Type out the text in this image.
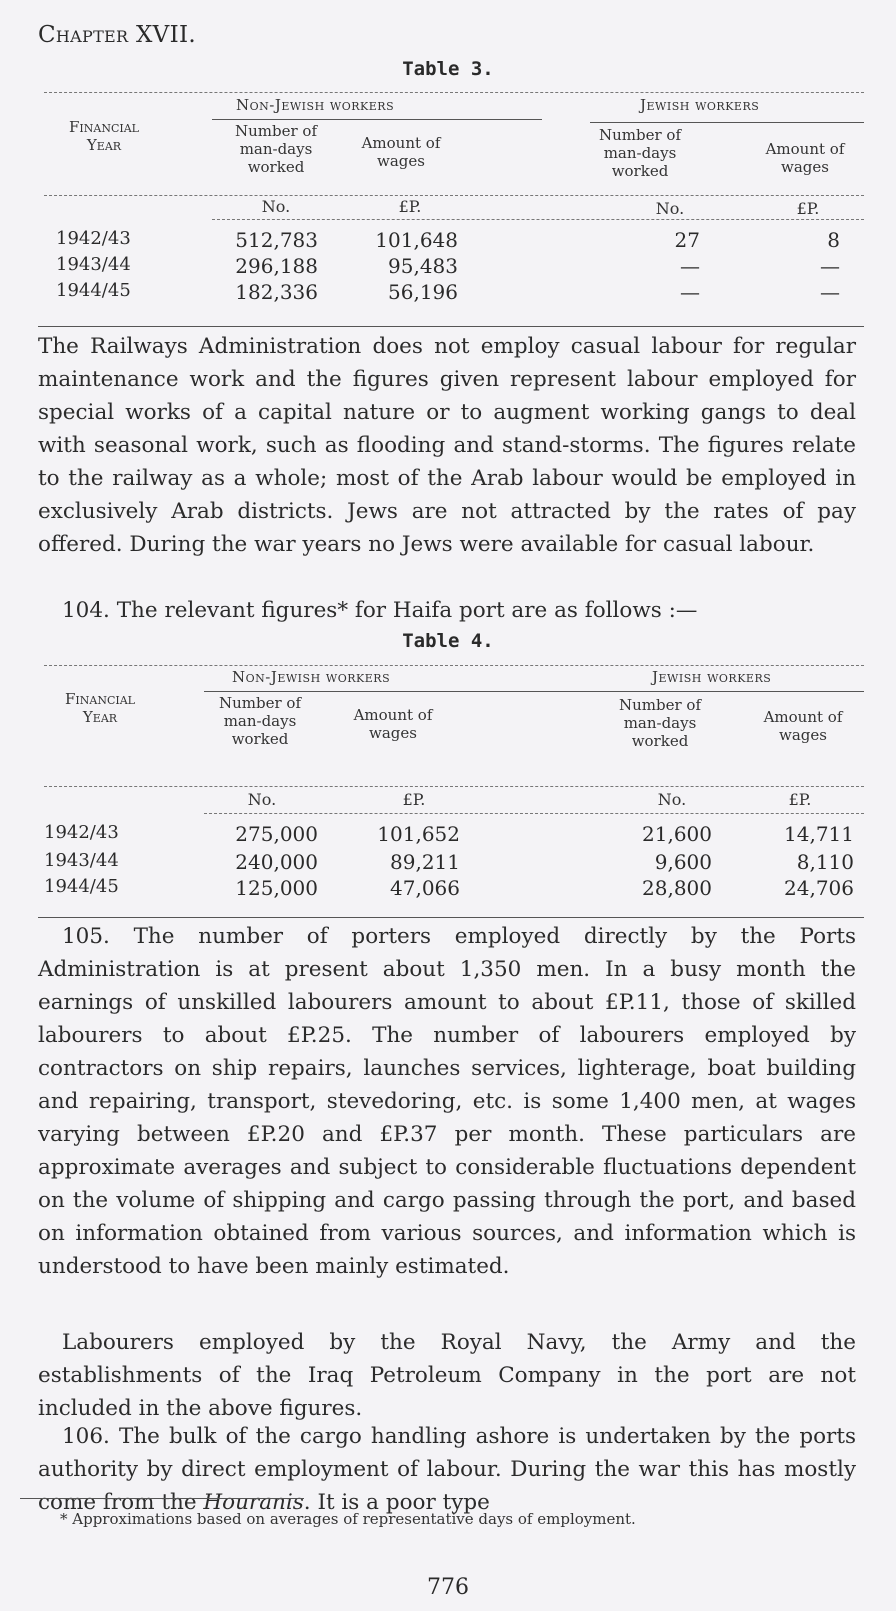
Chapter XVII.
Table 3.
Non-Jewish workers	Jewish workers
Financial
Year
Number of
man-days
worked
Amount of
wages
Number of
man-days
worked
Amount of
wages
No.	£P.	No.	£P.
1942/43	512,783	101,648	27	8
1943/44	296,188	95,483	—	—
1944/45	182,336	56,196	—	—
The Railways Administration does not employ casual labour for regular maintenance work and the figures given represent labour employed for special works of a capital nature or to augment working gangs to deal with seasonal work, such as flooding and stand-storms. The figures relate to the railway as a whole; most of the Arab labour would be employed in exclusively Arab districts. Jews are not attracted by the rates of pay offered. During the war years no Jews were available for casual labour.
104. The relevant figures* for Haifa port are as follows :—
Table 4.
Non-Jewish workers	Jewish workers
Financial
Year
Number of
man-days
worked
Amount of
wages
Number of
man-days
worked
Amount of
wages
No.	£P.	No.	£P.
1942/43	275,000	101,652	21,600	14,711
1943/44	240,000	89,211	9,600	8,110
1944/45	125,000	47,066	28,800	24,706
105. The number of porters employed directly by the Ports Administration is at present about 1,350 men. In a busy month the earnings of unskilled labourers amount to about £P.11, those of skilled labourers to about £P.25. The number of labourers employed by contractors on ship repairs, launches services, lighterage, boat building and repairing, transport, stevedoring, etc. is some 1,400 men, at wages varying between £P.20 and £P.37 per month. These particulars are approximate averages and subject to considerable fluctuations dependent on the volume of shipping and cargo passing through the port, and based on information obtained from various sources, and information which is understood to have been mainly estimated.
Labourers employed by the Royal Navy, the Army and the establishments of the Iraq Petroleum Company in the port are not included in the above figures.
106. The bulk of the cargo handling ashore is undertaken by the ports authority by direct employment of labour. During the war this has mostly come from the Houranis. It is a poor type
* Approximations based on averages of representative days of employment.
776
